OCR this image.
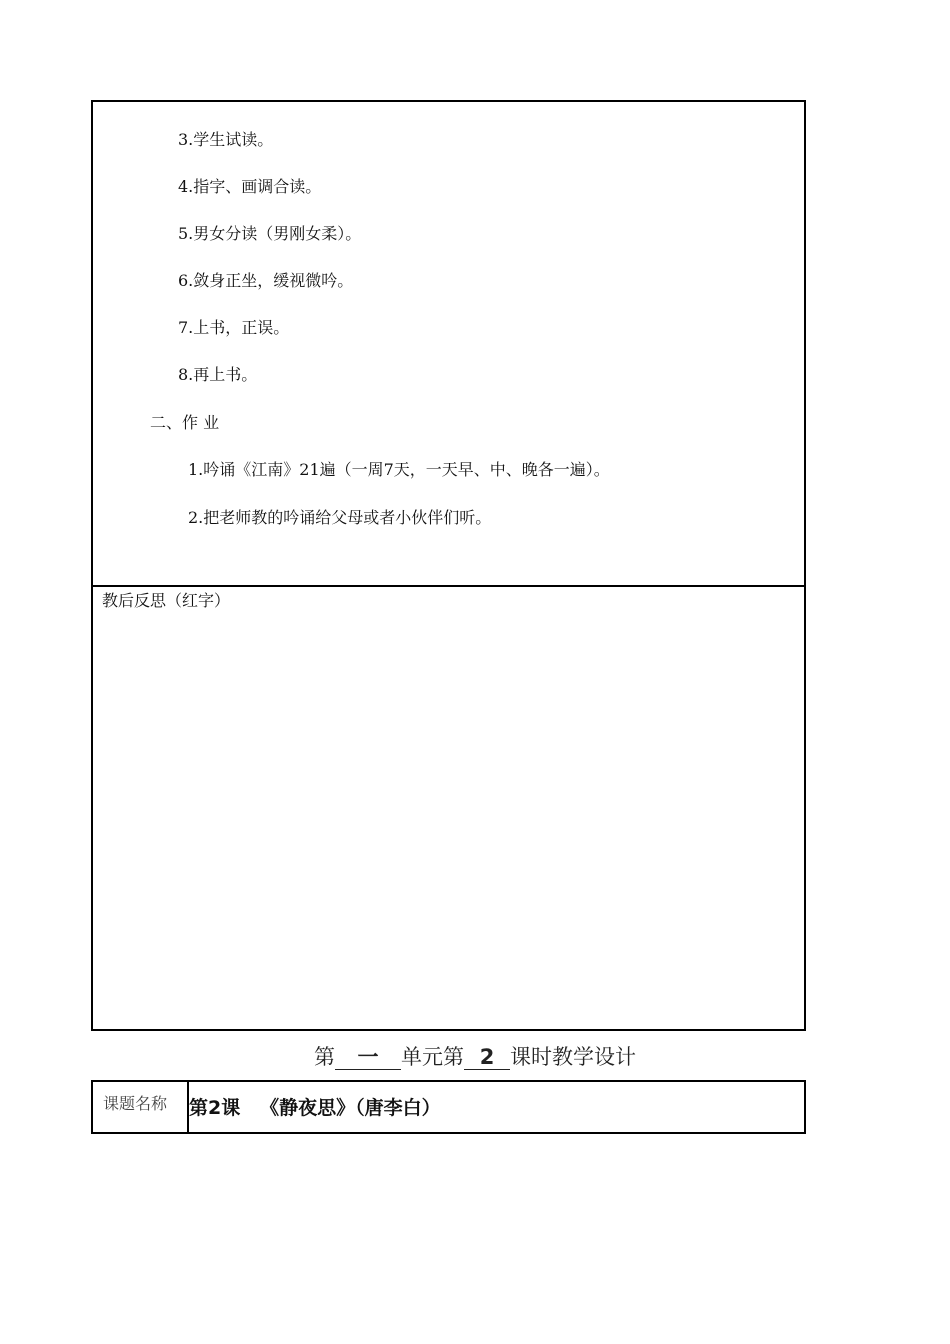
3.学生试读。
4.指字、画调合读。
5.男女分读（男刚女柔）。
6.敛身正坐，缓视微吟。
7.上书，正误。
8.再上书。
二、作 业
1.吟诵《江南》21遍（一周7天，一天早、中、晚各一遍）。
2.把老师教的吟诵给父母或者小伙伴们听。
教后反思（红字）
第 一 单元第 2 课时教学设计
课题名称 第2课   《静夜思》（唐李白）
